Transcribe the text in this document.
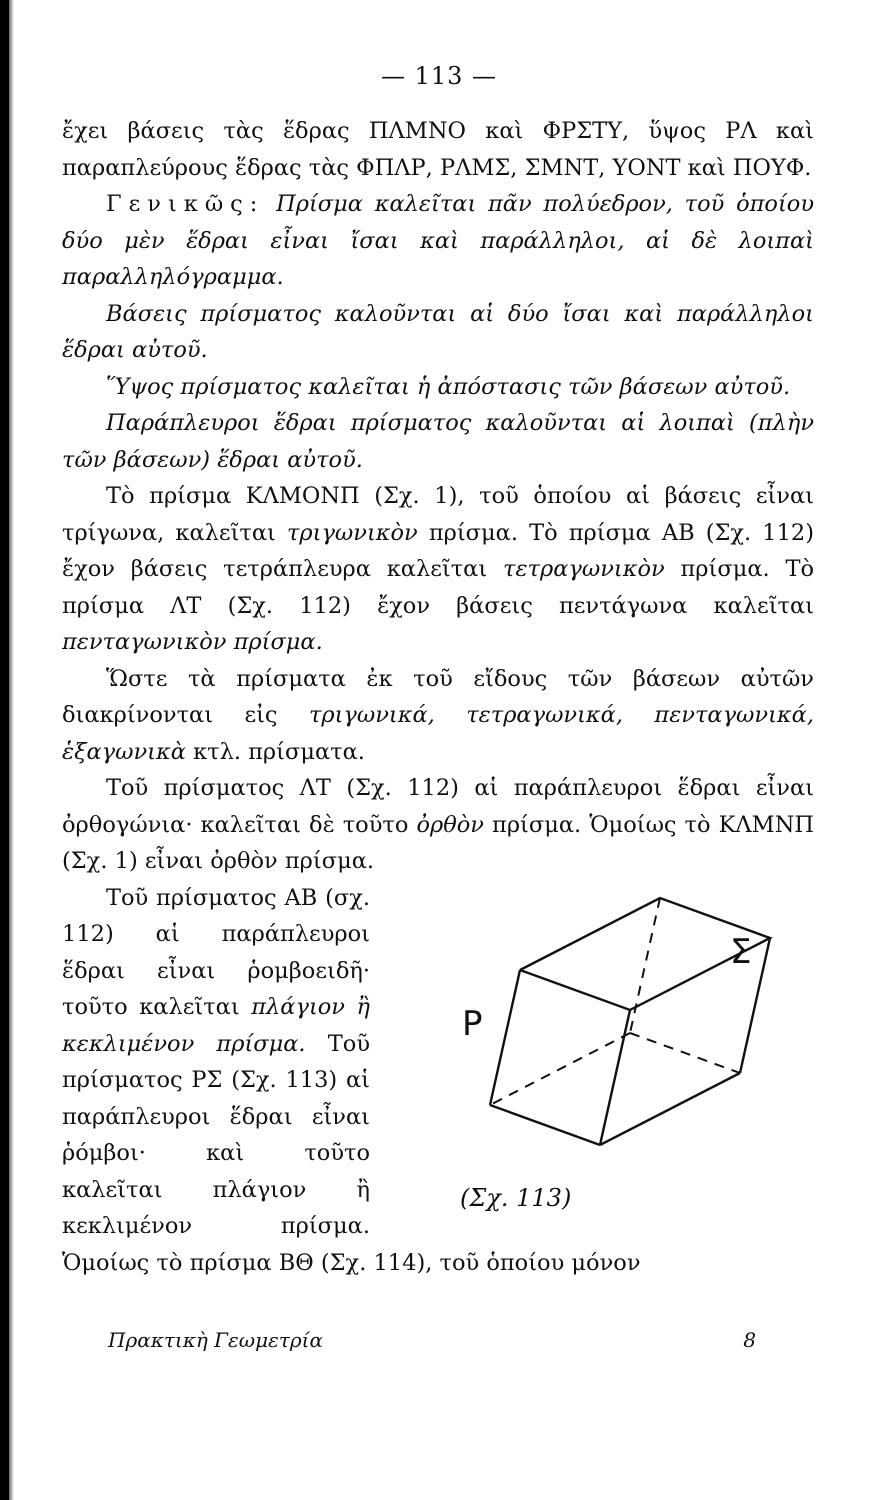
— 113 —

ἔχει βάσεις τὰς ἕδρας ΠΛΜΝΟ καὶ ΦΡΣΤΥ, ὕψος ΡΛ καὶ παραπλεύρους ἕδρας τὰς ΦΠΛΡ, ΡΛΜΣ, ΣΜΝΤ, ΥΟΝΤ καὶ ΠΟΥΦ.

Γενικῶς: Πρίσμα καλεῖται πᾶν πολύεδρον, τοῦ ὁποίου δύο μὲν ἕδραι εἶναι ἴσαι καὶ παράλληλοι, αἱ δὲ λοιπαὶ παραλληλόγραμμα.

Βάσεις πρίσματος καλοῦνται αἱ δύο ἴσαι καὶ παράλληλοι ἕδραι αὐτοῦ.

Ὕψος πρίσματος καλεῖται ἡ ἀπόστασις τῶν βάσεων αὐτοῦ.

Παράπλευροι ἕδραι πρίσματος καλοῦνται αἱ λοιπαὶ (πλὴν τῶν βάσεων) ἕδραι αὐτοῦ.

Τὸ πρίσμα ΚΛΜΟΝΠ (Σχ. 1), τοῦ ὁποίου αἱ βάσεις εἶναι τρίγωνα, καλεῖται τριγωνικὸν πρίσμα. Τὸ πρίσμα ΑΒ (Σχ. 112) ἔχον βάσεις τετράπλευρα καλεῖται τετραγωνικὸν πρίσμα. Τὸ πρίσμα ΛΤ (Σχ. 112) ἔχον βάσεις πεντάγωνα καλεῖται πενταγωνικὸν πρίσμα.

Ὥστε τὰ πρίσματα ἐκ τοῦ εἴδους τῶν βάσεων αὐτῶν διακρίνονται εἰς τριγωνικά, τετραγωνικά, πενταγωνικά, ἑξαγωνικὰ κτλ. πρίσματα.

Τοῦ πρίσματος ΛΤ (Σχ. 112) αἱ παράπλευροι ἕδραι εἶναι ὀρθογώνια· καλεῖται δὲ τοῦτο ὀρθὸν πρίσμα. Ὁμοίως τὸ ΚΛΜΝΠ (Σχ. 1) εἶναι ὀρθὸν πρίσμα.

P
Σ
(Σχ. 113)

Τοῦ πρίσματος ΑΒ (σχ. 112) αἱ παράπλευροι ἕδραι εἶναι ῥομβοειδῆ· τοῦτο καλεῖται πλάγιον ἢ κεκλιμένον πρίσμα. Τοῦ πρίσματος ΡΣ (Σχ. 113) αἱ παράπλευροι ἕδραι εἶναι ῥόμβοι· καὶ τοῦτο καλεῖται πλάγιον ἢ κεκλιμένον πρίσμα. Ὁμοίως τὸ πρίσμα ΒΘ (Σχ. 114), τοῦ ὁποίου μόνον

Πρακτικὴ Γεωμετρία	8
